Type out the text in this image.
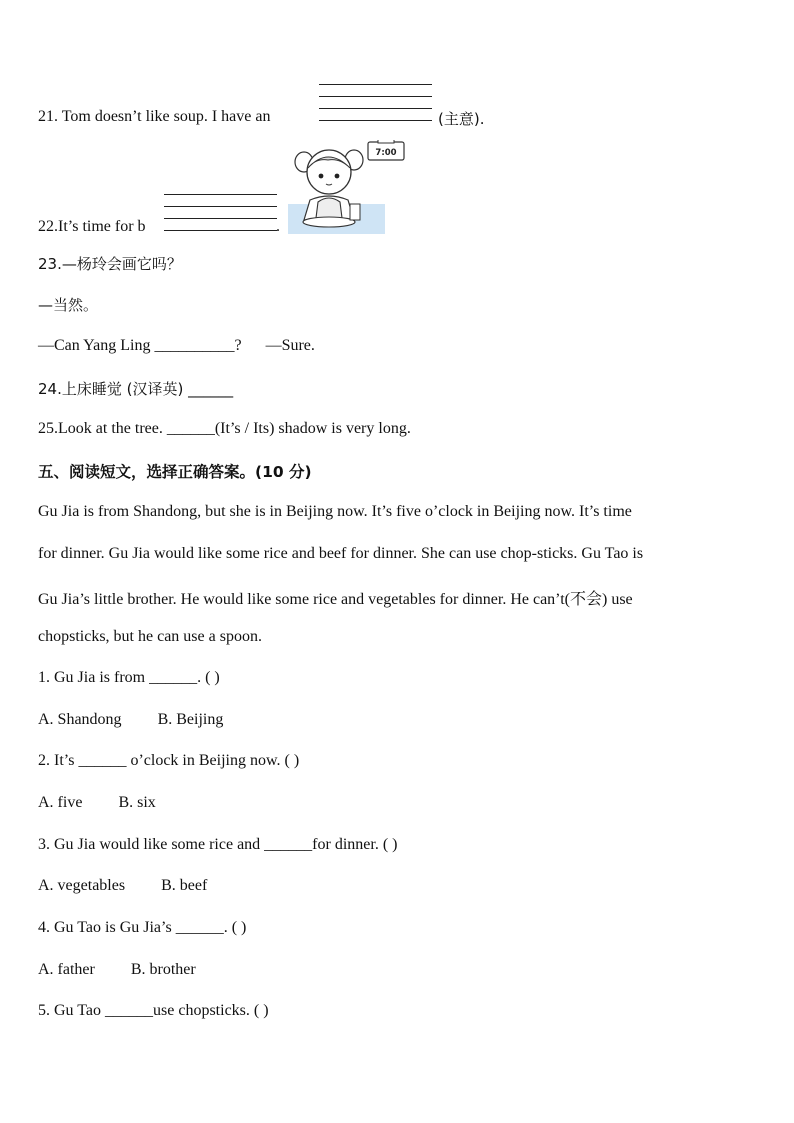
21. Tom doesn’t like soup. I have an	(主意).
7:00
22.It’s time for b	.
23.—杨玲会画它吗？
—当然。
—Can Yang Ling __________? —Sure.
24.上床睡觉 (汉译英) ______
25.Look at the tree. ______(It’s / Its) shadow is very long.
五、阅读短文，选择正确答案。(10 分)
Gu Jia is from Shandong, but she is in Beijing now. It’s five o’clock in Beijing now. It’s time
for dinner. Gu Jia would like some rice and beef for dinner. She can use chop-sticks. Gu Tao is
Gu Jia’s little brother. He would like some rice and vegetables for dinner. He can’t(不会) use
chopsticks, but he can use a spoon.
1. Gu Jia is from ______. ( )
A. Shandong B. Beijing
2. It’s ______ o’clock in Beijing now. ( )
A. five B. six
3. Gu Jia would like some rice and ______for dinner. ( )
A. vegetables B. beef
4. Gu Tao is Gu Jia’s ______. ( )
A. father B. brother
5. Gu Tao ______use chopsticks. ( )
